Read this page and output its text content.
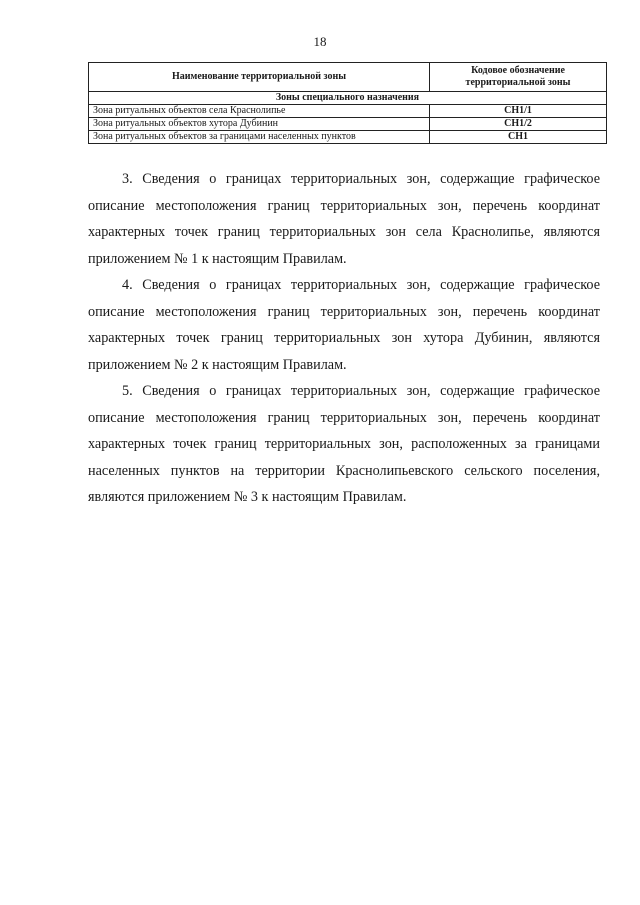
18
Наименование территориальной зоны	Кодовое обозначение территориальной зоны
Зоны специального назначения	
Зона ритуальных объектов села Краснолипье	СН1/1
Зона ритуальных объектов хутора Дубинин	СН1/2
Зона ритуальных объектов за границами населенных пунктов	СН1

3. Сведения о границах территориальных зон, содержащие графическое описание местоположения границ территориальных зон, перечень координат характерных точек границ территориальных зон села Краснолипье, являются приложением № 1 к настоящим Правилам.

4. Сведения о границах территориальных зон, содержащие графическое описание местоположения границ территориальных зон, перечень координат характерных точек границ территориальных зон хутора Дубинин, являются приложением № 2 к настоящим Правилам.

5. Сведения о границах территориальных зон, содержащие графическое описание местоположения границ территориальных зон, перечень координат характерных точек границ территориальных зон, расположенных за границами населенных пунктов на территории Краснолипьевского сельского поселения, являются приложением № 3 к настоящим Правилам.
